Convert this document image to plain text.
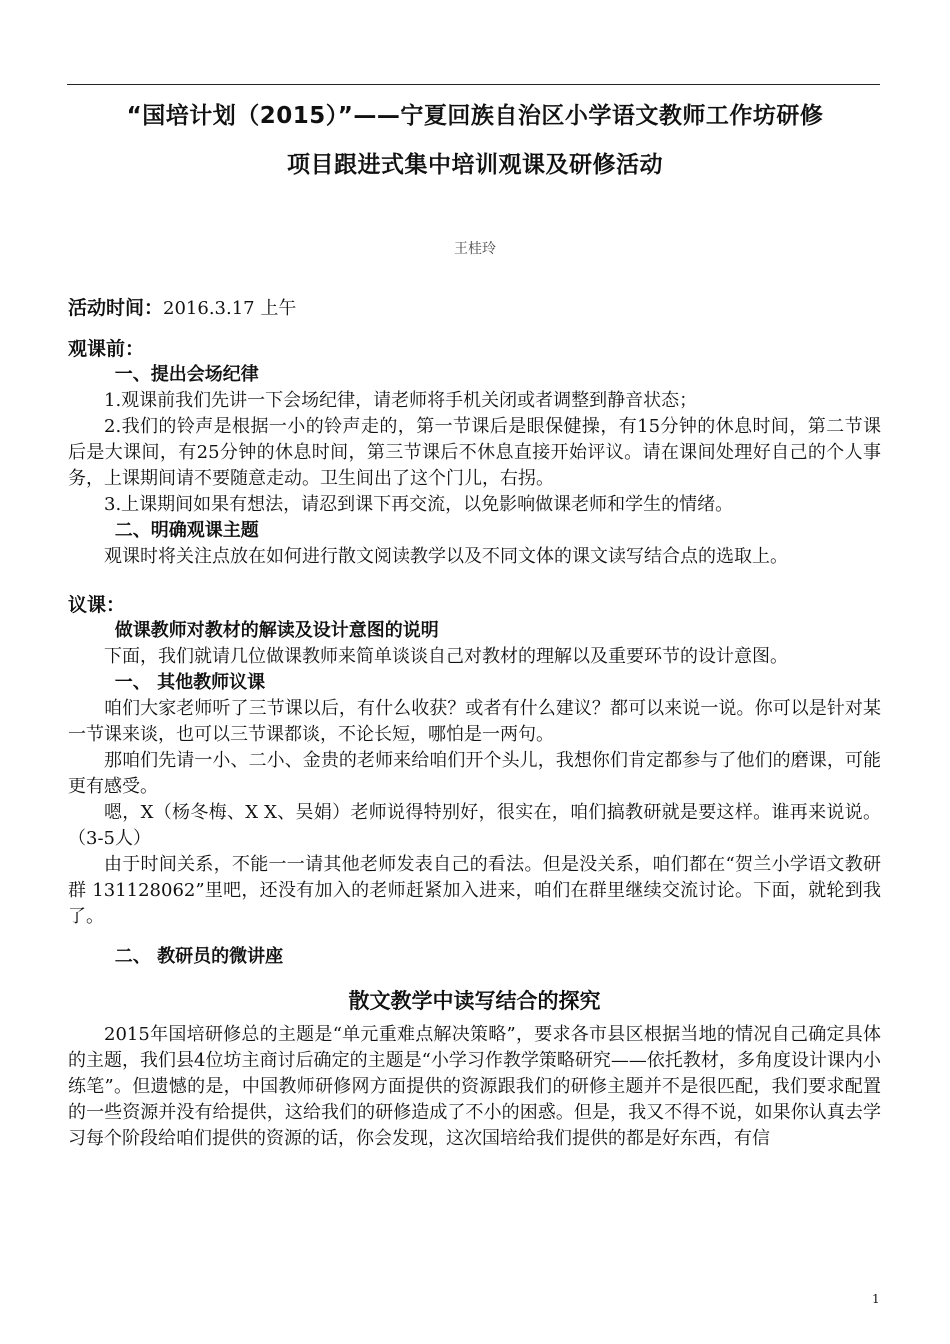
“国培计划（2015）”——宁夏回族自治区小学语文教师工作坊研修
项目跟进式集中培训观课及研修活动
王桂玲

活动时间：2016.3.17 上午

观课前：

一、提出会场纪律

1.观课前我们先讲一下会场纪律，请老师将手机关闭或者调整到静音状态；

2.我们的铃声是根据一小的铃声走的，第一节课后是眼保健操，有15分钟的休息时间，第二节课后是大课间，有25分钟的休息时间，第三节课后不休息直接开始评议。请在课间处理好自己的个人事务，上课期间请不要随意走动。卫生间出了这个门儿，右拐。

3.上课期间如果有想法，请忍到课下再交流，以免影响做课老师和学生的情绪。

二、明确观课主题

观课时将关注点放在如何进行散文阅读教学以及不同文体的课文读写结合点的选取上。

议课：

做课教师对教材的解读及设计意图的说明

下面，我们就请几位做课教师来简单谈谈自己对教材的理解以及重要环节的设计意图。

一、 其他教师议课

咱们大家老师听了三节课以后，有什么收获？或者有什么建议？都可以来说一说。你可以是针对某一节课来谈，也可以三节课都谈，不论长短，哪怕是一两句。

那咱们先请一小、二小、金贵的老师来给咱们开个头儿，我想你们肯定都参与了他们的磨课，可能更有感受。

嗯，X（杨冬梅、X X、吴娟）老师说得特别好，很实在，咱们搞教研就是要这样。谁再来说说。（3-5人）

由于时间关系，不能一一请其他老师发表自己的看法。但是没关系，咱们都在“贺兰小学语文教研群 131128062”里吧，还没有加入的老师赶紧加入进来，咱们在群里继续交流讨论。下面，就轮到我了。

二、 教研员的微讲座

散文教学中读写结合的探究

2015年国培研修总的主题是“单元重难点解决策略”，要求各市县区根据当地的情况自己确定具体的主题，我们县4位坊主商讨后确定的主题是“小学习作教学策略研究——依托教材，多角度设计课内小练笔”。但遗憾的是，中国教师研修网方面提供的资源跟我们的研修主题并不是很匹配，我们要求配置的一些资源并没有给提供，这给我们的研修造成了不小的困惑。但是，我又不得不说，如果你认真去学习每个阶段给咱们提供的资源的话，你会发现，这次国培给我们提供的都是好东西，有信

1
